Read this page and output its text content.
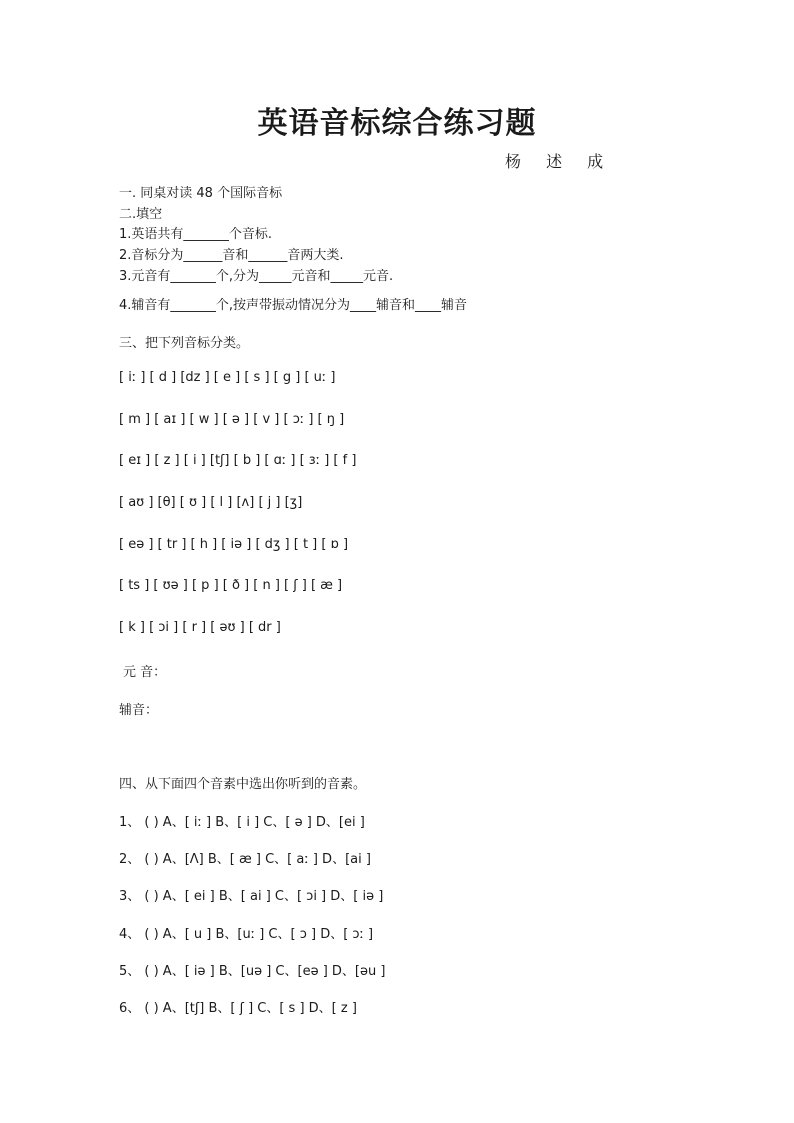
英语音标综合练习题
杨 述 成
一. 同桌对读 48 个国际音标
二.填空
1.英语共有_______个音标.
2.音标分为______音和______音两大类.
3.元音有_______个,分为_____元音和_____元音.
4.辅音有_______个,按声带振动情况分为____辅音和____辅音
三、把下列音标分类。
[ iː ] [ d ] [dz ] [ e ] [ s ] [ g ] [ uː ]
[ m ] [ aɪ ] [ w ] [ ə ] [ v ] [ ɔː ] [ ŋ ]
[ eɪ ] [ z ] [ i ] [tʃ] [ b ] [ ɑː ] [ ɜː ] [ f ]
[ aʊ ] [θ] [ ʊ ] [ l ] [ʌ] [ j ] [ʒ]
[ eə ] [ tr ] [ h ] [ iə ] [ dʒ ] [ t ] [ ɒ ]
[ ts ] [ ʊə ] [ p ] [ ð ] [ n ] [ ʃ ] [ æ ]
[ k ] [ ɔi ] [ r ] [ əʊ ] [ dr ]
元 音：
辅音：
四、从下面四个音素中选出你听到的音素。
1、 ( ) A、[ iː ] B、[ i ] C、[ ə ] D、[ei ]
2、 ( ) A、[Λ] B、[ æ ] C、[ aː ] D、[ai ]
3、 ( ) A、[ ei ] B、[ ai ] C、[ ɔi ] D、[ iə ]
4、 ( ) A、[ u ] B、[uː ] C、[ ɔ ] D、[ ɔː ]
5、 ( ) A、[ iə ] B、[uə ] C、[eə ] D、[əu ]
6、 ( ) A、[tʃ] B、[ ʃ ] C、[ s ] D、[ z ]
